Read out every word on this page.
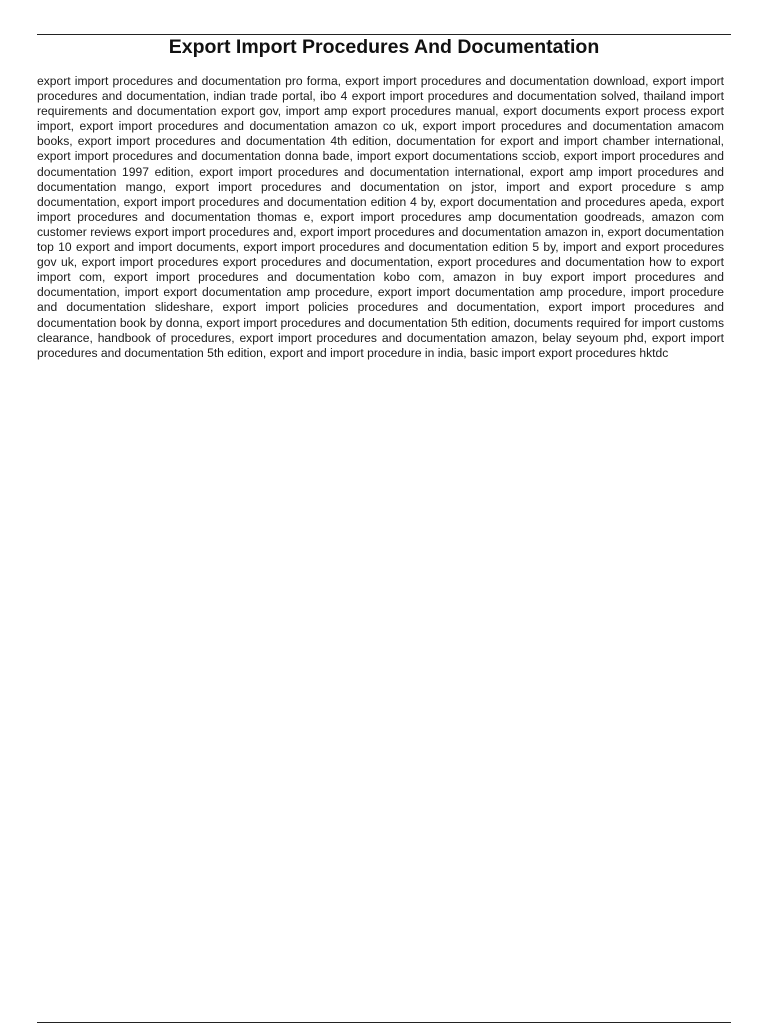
Export Import Procedures And Documentation

export import procedures and documentation pro forma, export import procedures and documentation download, export import procedures and documentation, indian trade portal, ibo 4 export import procedures and documentation solved, thailand import requirements and documentation export gov, import amp export procedures manual, export documents export process export import, export import procedures and documentation amazon co uk, export import procedures and documentation amacom books, export import procedures and documentation 4th edition, documentation for export and import chamber international, export import procedures and documentation donna bade, import export documentations scciob, export import procedures and documentation 1997 edition, export import procedures and documentation international, export amp import procedures and documentation mango, export import procedures and documentation on jstor, import and export procedure s amp documentation, export import procedures and documentation edition 4 by, export documentation and procedures apeda, export import procedures and documentation thomas e, export import procedures amp documentation goodreads, amazon com customer reviews export import procedures and, export import procedures and documentation amazon in, export documentation top 10 export and import documents, export import procedures and documentation edition 5 by, import and export procedures gov uk, export import procedures export procedures and documentation, export procedures and documentation how to export import com, export import procedures and documentation kobo com, amazon in buy export import procedures and documentation, import export documentation amp procedure, export import documentation amp procedure, import procedure and documentation slideshare, export import policies procedures and documentation, export import procedures and documentation book by donna, export import procedures and documentation 5th edition, documents required for import customs clearance, handbook of procedures, export import procedures and documentation amazon, belay seyoum phd, export import procedures and documentation 5th edition, export and import procedure in india, basic import export procedures hktdc
